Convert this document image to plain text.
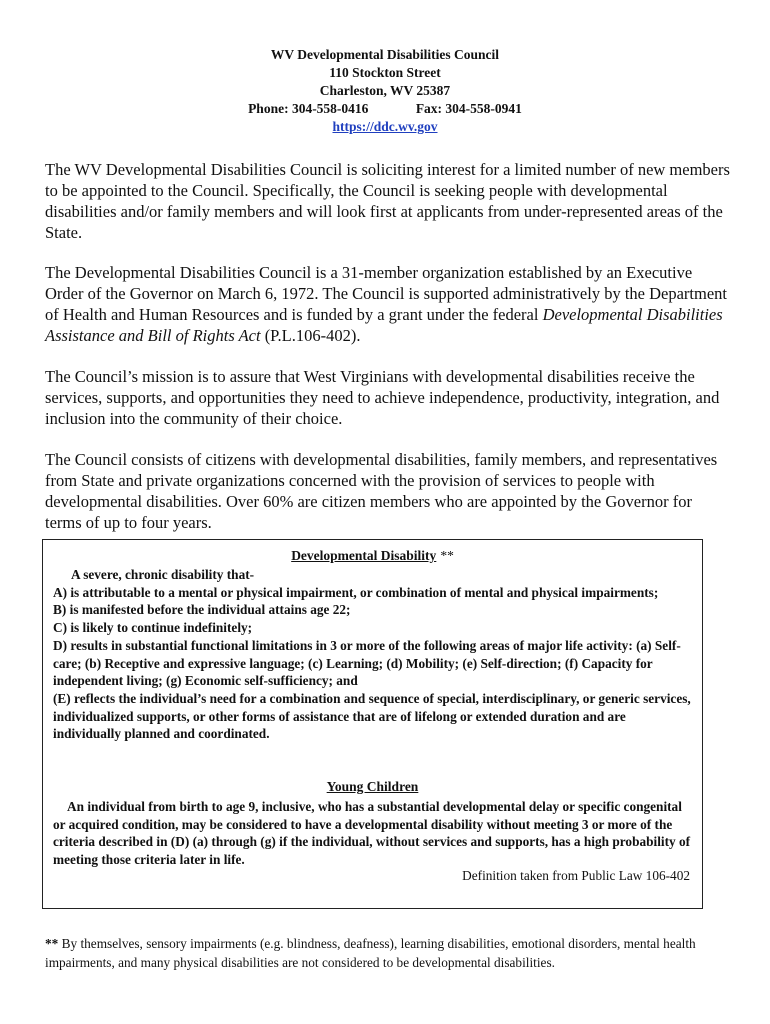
WV Developmental Disabilities Council
110 Stockton Street
Charleston, WV 25387
Phone: 304-558-0416	Fax: 304-558-0941
https://ddc.wv.gov
The WV Developmental Disabilities Council is soliciting interest for a limited number of new members to be appointed to the Council. Specifically, the Council is seeking people with developmental disabilities and/or family members and will look first at applicants from under-represented areas of the State.
The Developmental Disabilities Council is a 31-member organization established by an Executive Order of the Governor on March 6, 1972. The Council is supported administratively by the Department of Health and Human Resources and is funded by a grant under the federal Developmental Disabilities Assistance and Bill of Rights Act (P.L.106-402).
The Council’s mission is to assure that West Virginians with developmental disabilities receive the services, supports, and opportunities they need to achieve independence, productivity, integration, and inclusion into the community of their choice.
The Council consists of citizens with developmental disabilities, family members, and representatives from State and private organizations concerned with the provision of services to people with developmental disabilities. Over 60% are citizen members who are appointed by the Governor for terms of up to four years.
Developmental Disability **
A severe, chronic disability that-
A) is attributable to a mental or physical impairment, or combination of mental and physical impairments;
B) is manifested before the individual attains age 22;
C) is likely to continue indefinitely;
D) results in substantial functional limitations in 3 or more of the following areas of major life activity: (a) Self-care; (b) Receptive and expressive language; (c) Learning; (d) Mobility; (e) Self-direction; (f) Capacity for independent living; (g) Economic self-sufficiency; and
(E) reflects the individual’s need for a combination and sequence of special, interdisciplinary, or generic services, individualized supports, or other forms of assistance that are of lifelong or extended duration and are individually planned and coordinated.
Young Children
An individual from birth to age 9, inclusive, who has a substantial developmental delay or specific congenital or acquired condition, may be considered to have a developmental disability without meeting 3 or more of the criteria described in (D) (a) through (g) if the individual, without services and supports, has a high probability of meeting those criteria later in life.
Definition taken from Public Law 106-402
** By themselves, sensory impairments (e.g. blindness, deafness), learning disabilities, emotional disorders, mental health impairments, and many physical disabilities are not considered to be developmental disabilities.
